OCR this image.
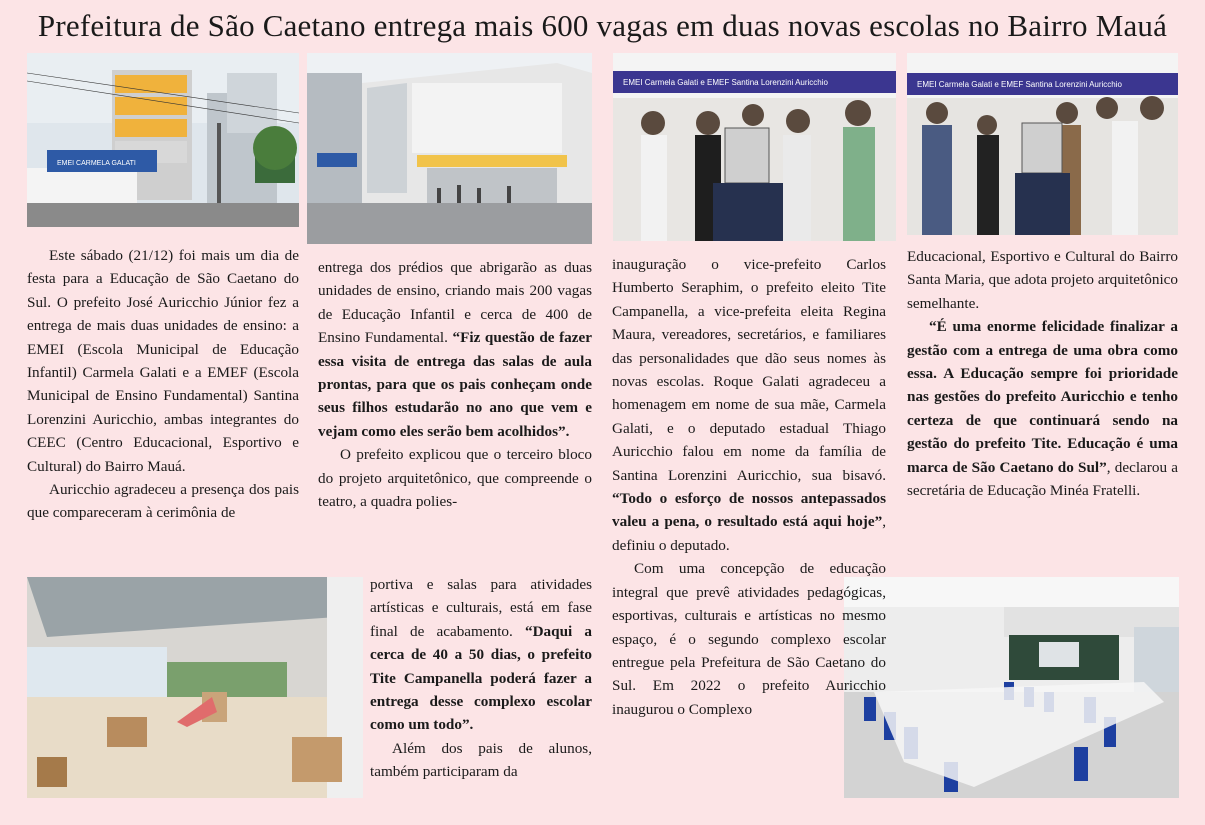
Prefeitura de São Caetano entrega mais 600 vagas em duas novas escolas no Bairro Mauá
EMEI CARMELA GALATI
EMEI Carmela Galati e EMEF Santina Lorenzini Auricchio	EMEI Carmela Galati e EMEF Santina Lorenzini Auricchio

Este sábado (21/12) foi mais um dia de festa para a Educação de São Caetano do Sul. O prefeito José Auricchio Júnior fez a entrega de mais duas unidades de ensino: a EMEI (Escola Municipal de Educação Infantil) Carmela Galati e a EMEF (Escola Municipal de Ensino Fundamental) Santina Lorenzini Auricchio, ambas integrantes do CEEC (Centro Educacional, Esportivo e Cultural) do Bairro Mauá.

Auricchio agradeceu a presença dos pais que compareceram à cerimônia de

entrega dos prédios que abrigarão as duas unidades de ensino, criando mais 200 vagas de Educação Infantil e cerca de 400 de Ensino Fundamental. “Fiz questão de fazer essa visita de entrega das salas de aula prontas, para que os pais conheçam onde seus filhos estudarão no ano que vem e vejam como eles serão bem acolhidos”.

O prefeito explicou que o terceiro bloco do projeto arquitetônico, que compreende o teatro, a quadra polies-

portiva e salas para atividades artísticas e culturais, está em fase final de acabamento. “Daqui a cerca de 40 a 50 dias, o prefeito Tite Campanella poderá fazer a entrega desse complexo escolar como um todo”.

Além dos pais de alunos, também participaram da

inauguração o vice-prefeito Carlos Humberto Seraphim, o prefeito eleito Tite Campanella, a vice-prefeita eleita Regina Maura, vereadores, secretários, e familiares das personalidades que dão seus nomes às novas escolas. Roque Galati agradeceu a homenagem em nome de sua mãe, Carmela Galati, e o deputado estadual Thiago Auricchio falou em nome da família de Santina Lorenzini Auricchio, sua bisavó. “Todo o esforço de nossos antepassados valeu a pena, o resultado está aqui hoje”, definiu o deputado.

Com uma concepção de educação integral que prevê atividades pedagógicas, esportivas, culturais e artísticas no mesmo espaço, é o segundo complexo escolar entregue pela Prefeitura de São Caetano do Sul. Em 2022 o prefeito Auricchio inaugurou o Complexo

Educacional, Esportivo e Cultural do Bairro Santa Maria, que adota projeto arquitetônico semelhante.

“É uma enorme felicidade finalizar a gestão com a entrega de uma obra como essa. A Educação sempre foi prioridade nas gestões do prefeito Auricchio e tenho certeza de que continuará sendo na gestão do prefeito Tite. Educação é uma marca de São Caetano do Sul”, declarou a secretária de Educação Minéa Fratelli.
